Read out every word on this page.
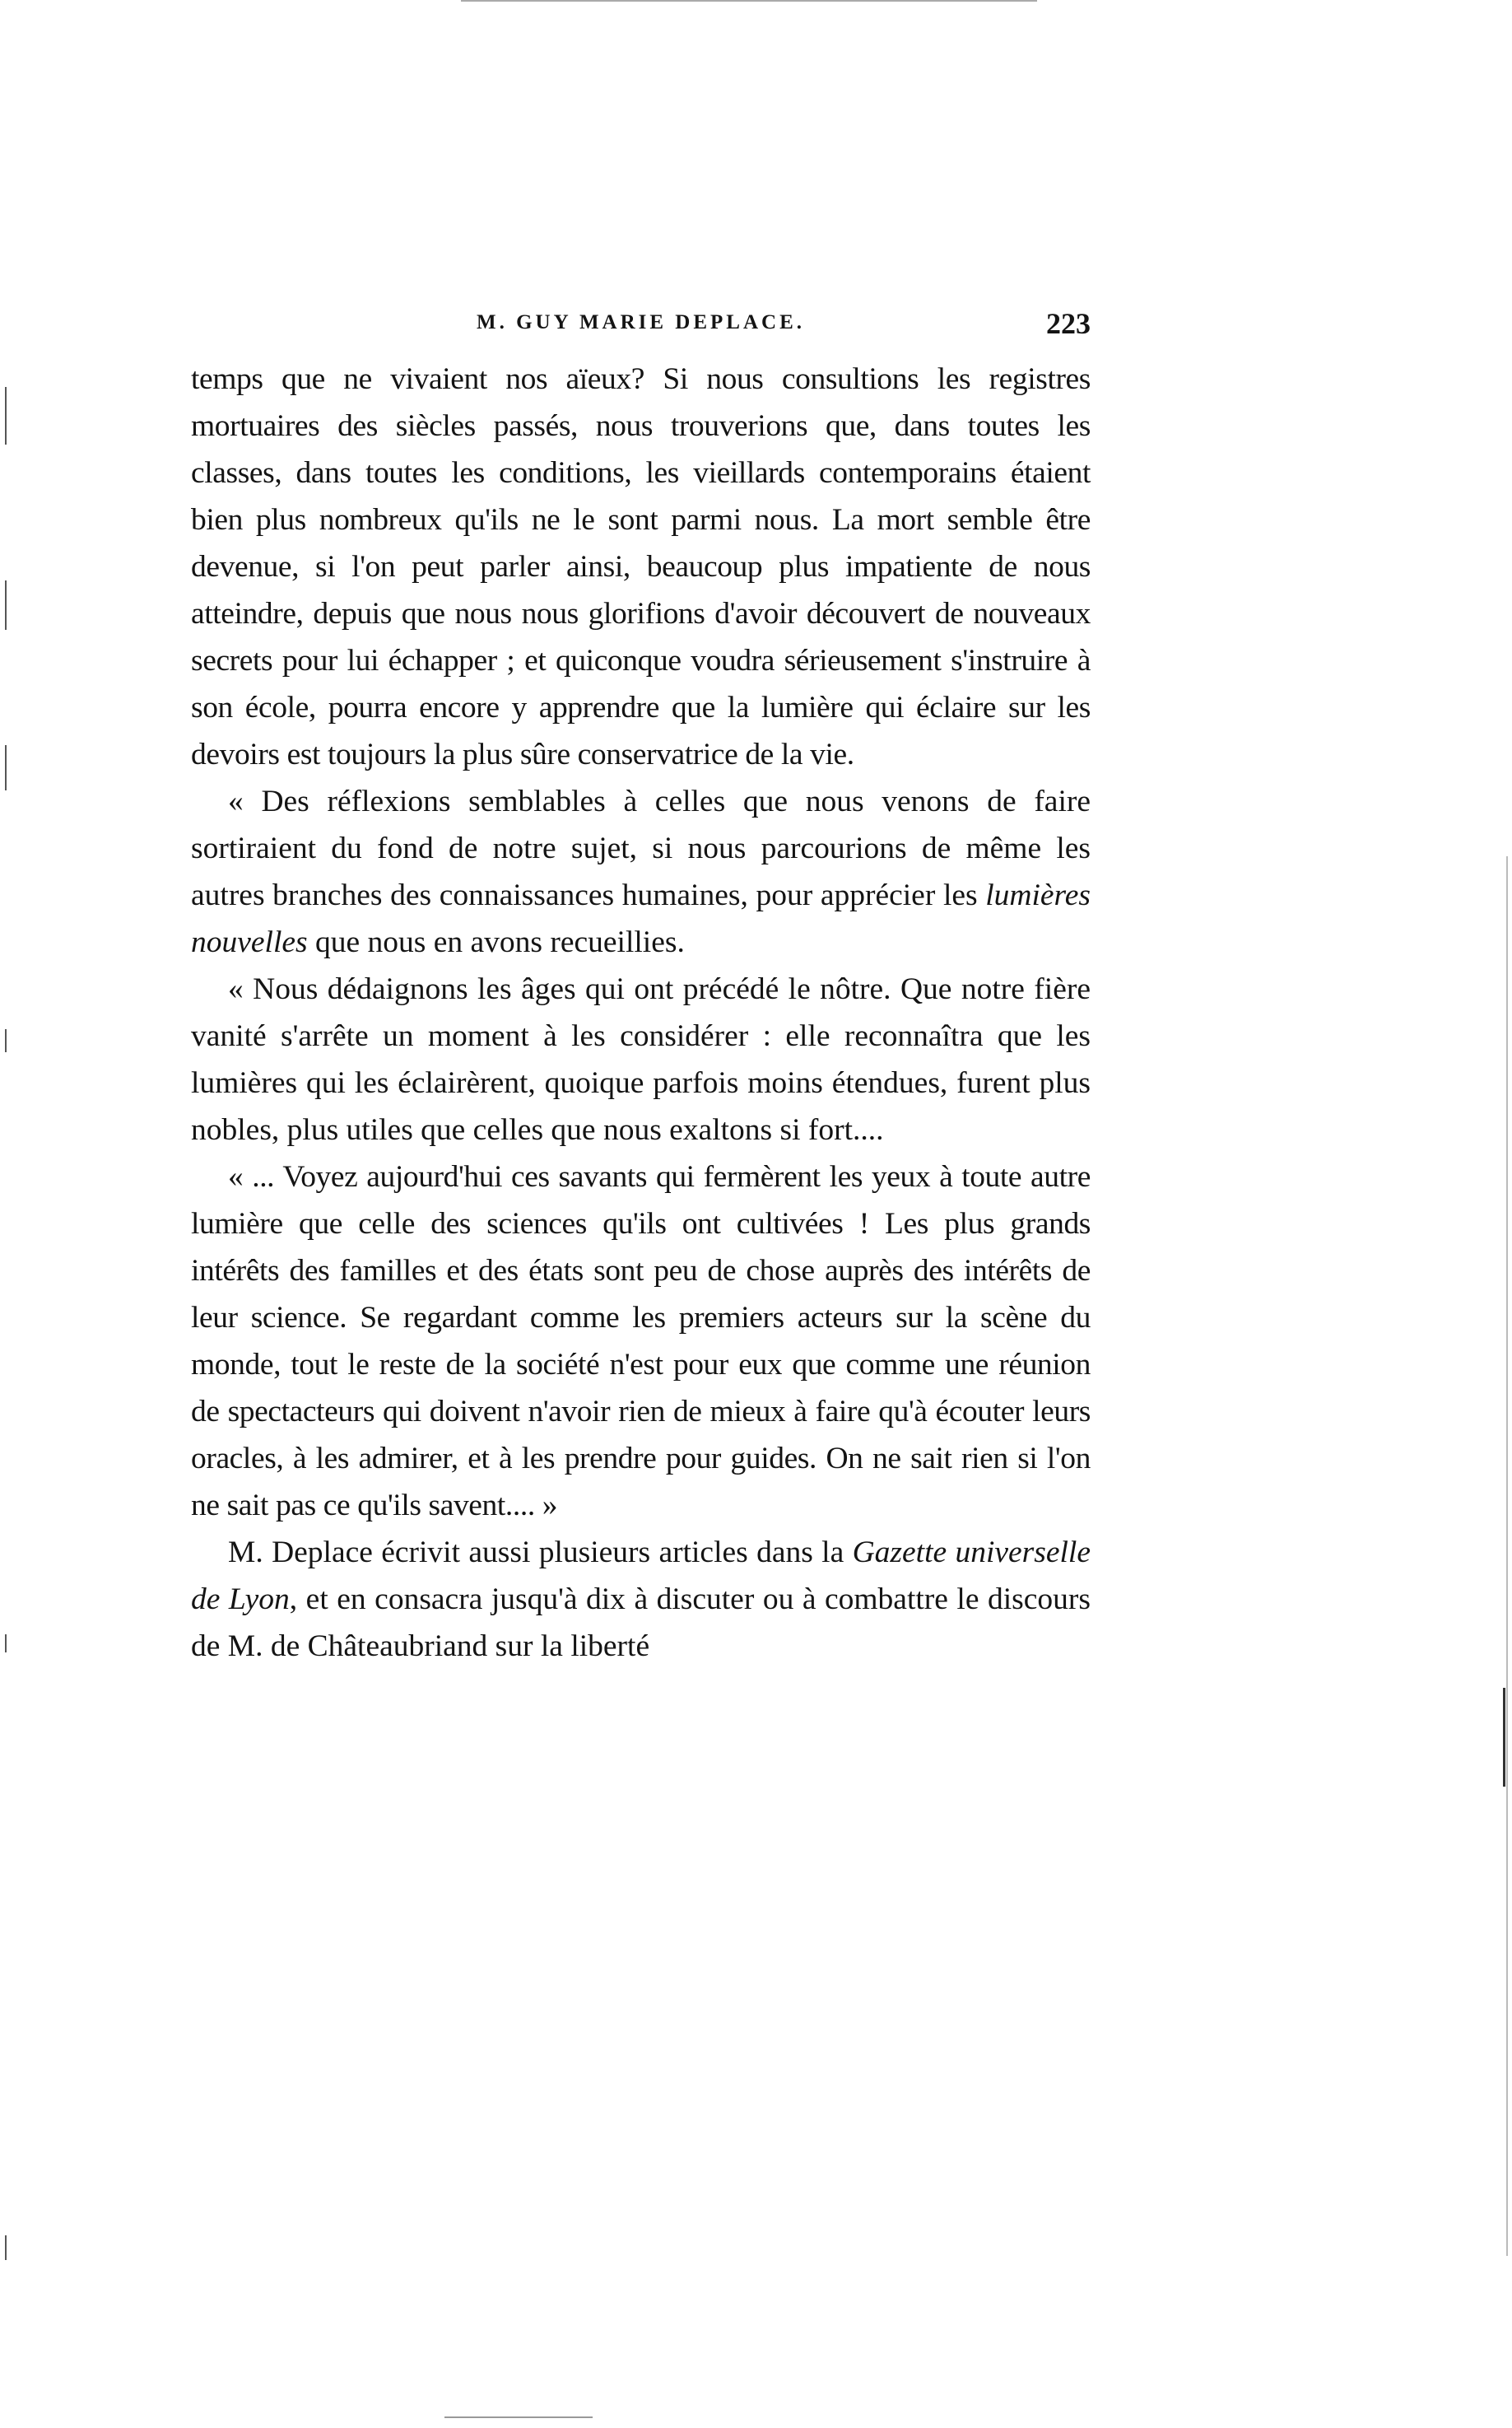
M. GUY MARIE DEPLACE.	223

temps que ne vivaient nos aïeux? Si nous consultions les registres mortuaires des siècles passés, nous trouverions que, dans toutes les classes, dans toutes les conditions, les vieillards contemporains étaient bien plus nombreux qu'ils ne le sont parmi nous. La mort semble être devenue, si l'on peut parler ainsi, beaucoup plus impatiente de nous atteindre, depuis que nous nous glorifions d'avoir découvert de nouveaux secrets pour lui échapper ; et quiconque voudra sérieusement s'instruire à son école, pourra encore y apprendre que la lumière qui éclaire sur les devoirs est toujours la plus sûre conservatrice de la vie.

« Des réflexions semblables à celles que nous venons de faire sortiraient du fond de notre sujet, si nous parcourions de même les autres branches des connaissances humaines, pour apprécier les lumières nouvelles que nous en avons recueillies.

« Nous dédaignons les âges qui ont précédé le nôtre. Que notre fière vanité s'arrête un moment à les considérer : elle reconnaîtra que les lumières qui les éclairèrent, quoique parfois moins étendues, furent plus nobles, plus utiles que celles que nous exaltons si fort....

« ... Voyez aujourd'hui ces savants qui fermèrent les yeux à toute autre lumière que celle des sciences qu'ils ont cultivées ! Les plus grands intérêts des familles et des états sont peu de chose auprès des intérêts de leur science. Se regardant comme les premiers acteurs sur la scène du monde, tout le reste de la société n'est pour eux que comme une réunion de spectacteurs qui doivent n'avoir rien de mieux à faire qu'à écouter leurs oracles, à les admirer, et à les prendre pour guides. On ne sait rien si l'on ne sait pas ce qu'ils savent.... »

M. Deplace écrivit aussi plusieurs articles dans la Gazette universelle de Lyon, et en consacra jusqu'à dix à discuter ou à combattre le discours de M. de Châteaubriand sur la liberté
